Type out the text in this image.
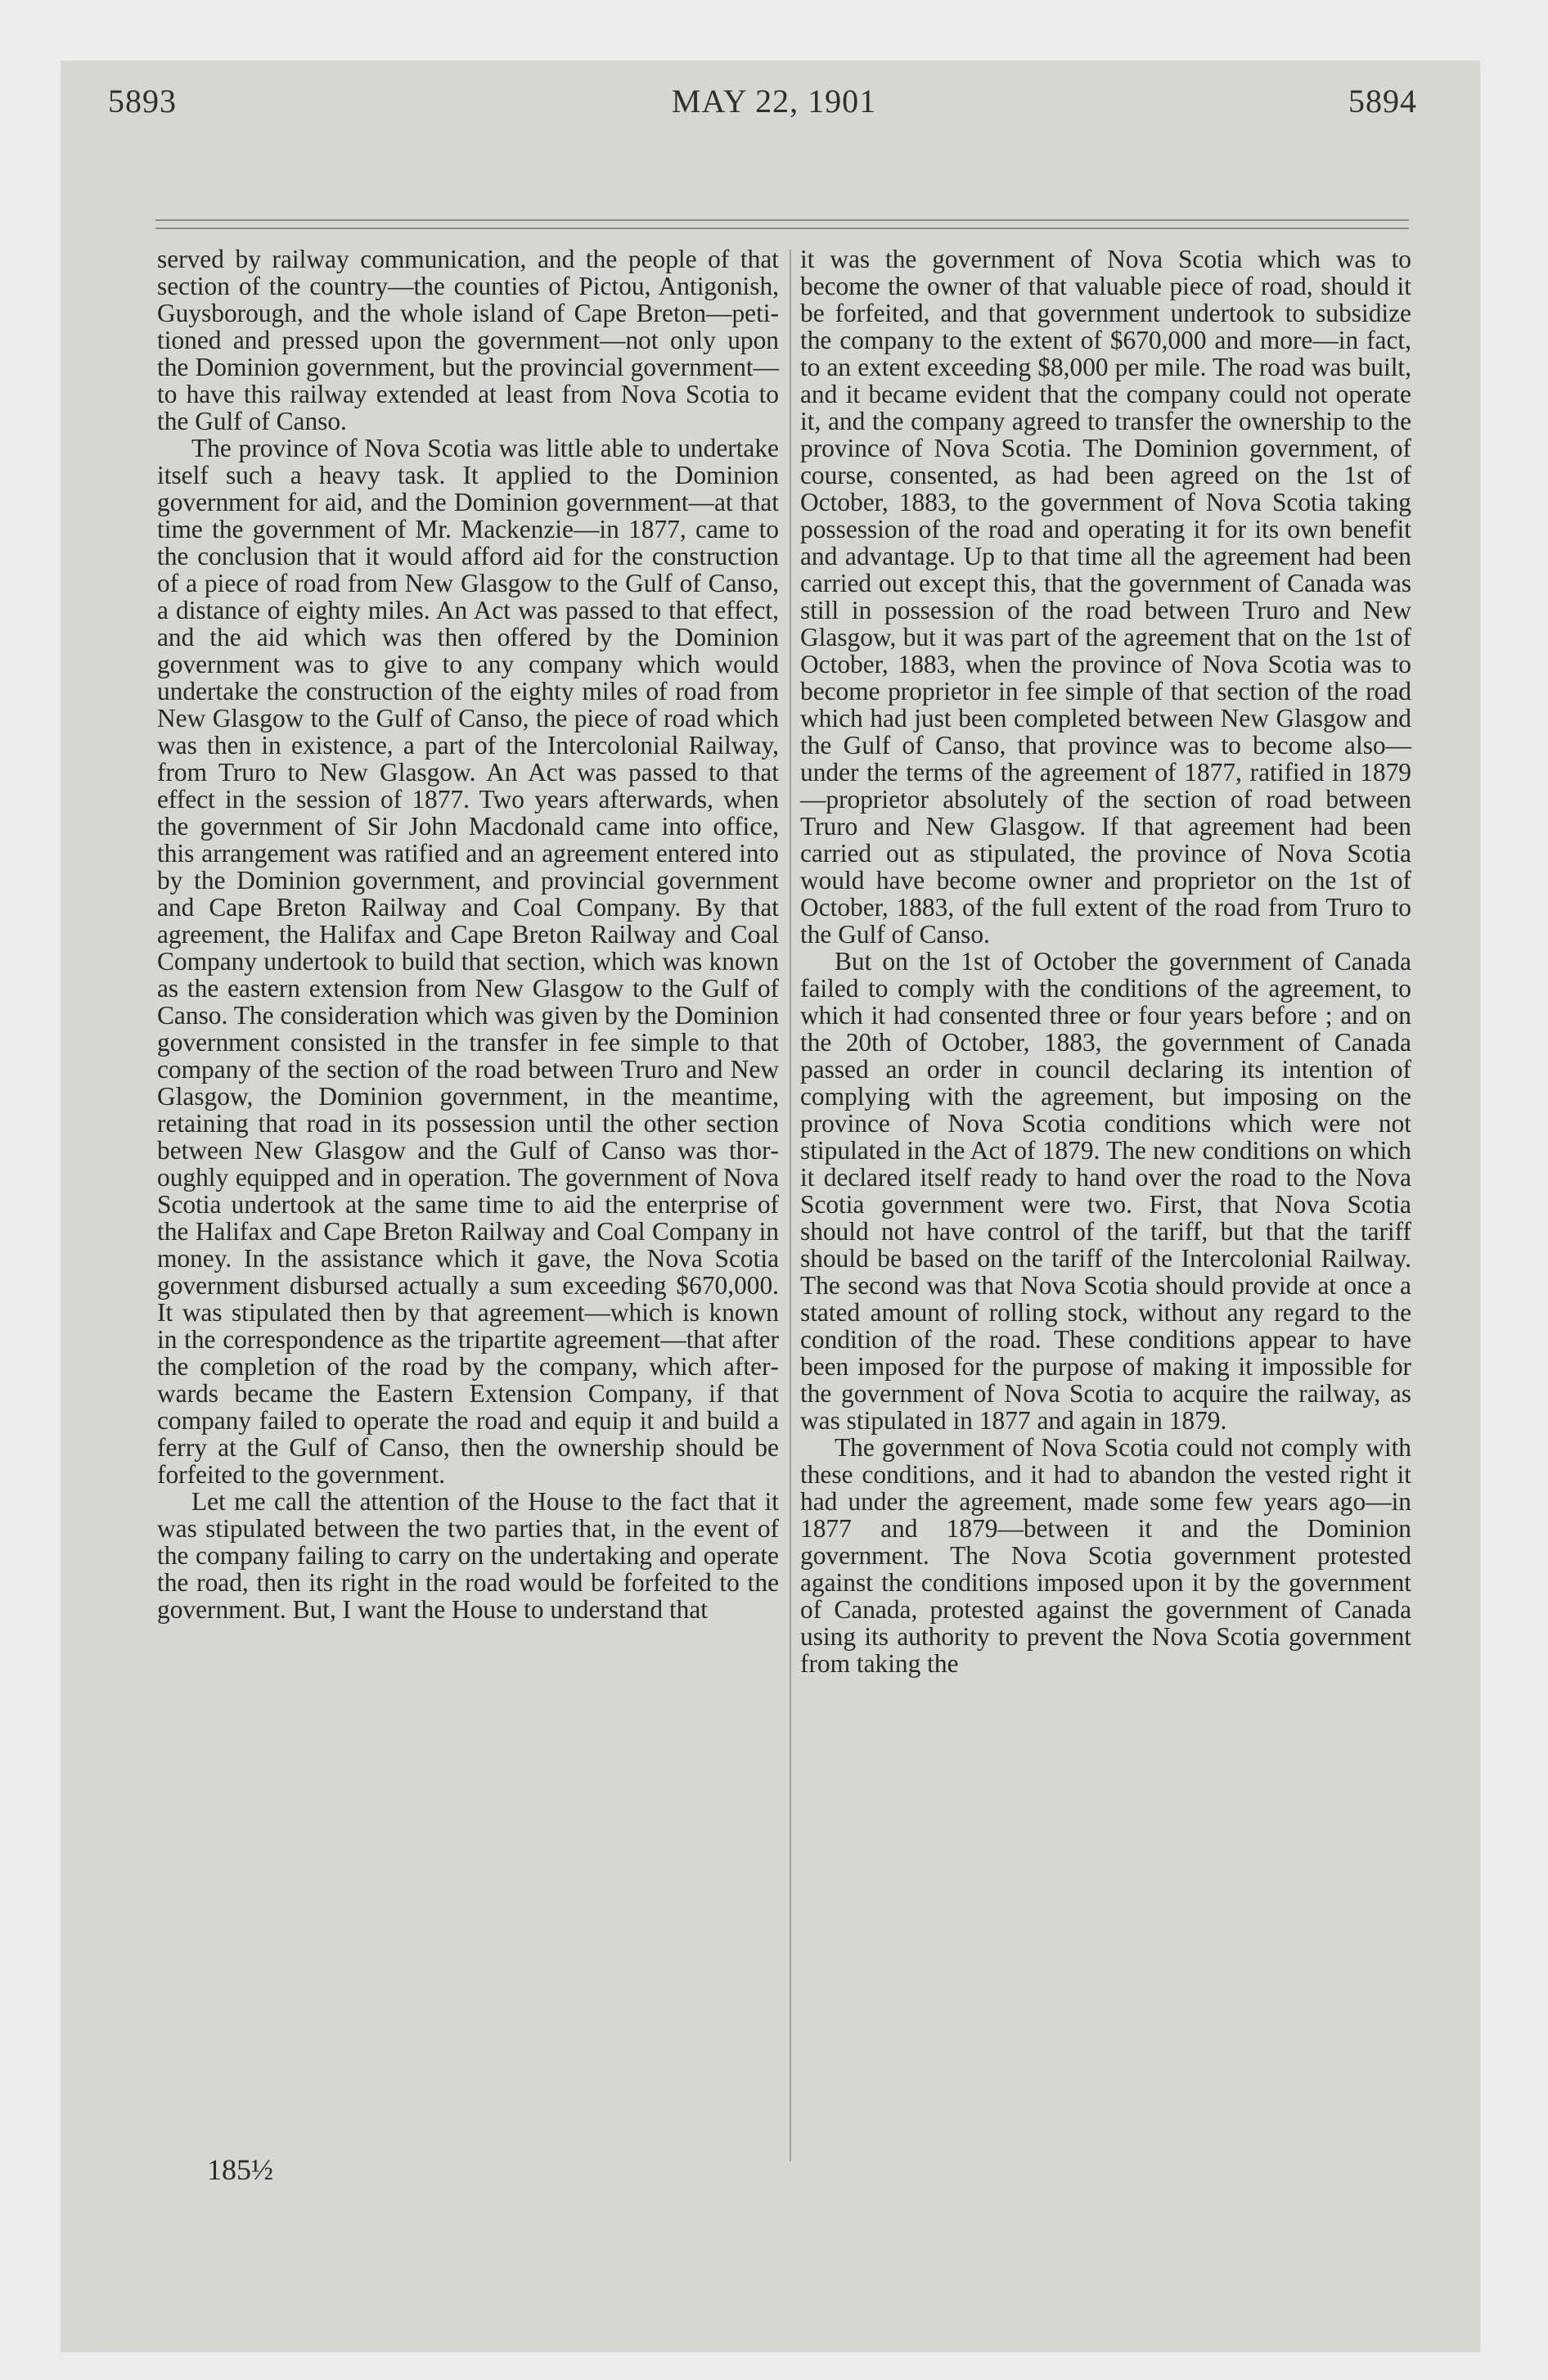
5893	MAY 22, 1901	5894

served by railway communication, and the people of that section of the country—the counties of Pictou, Antigonish, Guysborough, and the whole island of Cape Breton—petitioned and pressed upon the government—not only upon the Dominion government, but the provincial government—to have this railway extended at least from Nova Scotia to the Gulf of Canso.

The province of Nova Scotia was little able to undertake itself such a heavy task. It applied to the Dominion government for aid, and the Dominion government—at that time the government of Mr. Mackenzie—in 1877, came to the conclusion that it would afford aid for the construction of a piece of road from New Glasgow to the Gulf of Canso, a distance of eighty miles. An Act was passed to that effect, and the aid which was then offered by the Dominion government was to give to any company which would undertake the construction of the eighty miles of road from New Glasgow to the Gulf of Canso, the piece of road which was then in existence, a part of the Intercolonial Railway, from Truro to New Glasgow. An Act was passed to that effect in the session of 1877. Two years afterwards, when the government of Sir John Macdonald came into office, this arrangement was ratified and an agreement entered into by the Dominion government, and provincial government and Cape Breton Railway and Coal Company. By that agreement, the Halifax and Cape Breton Railway and Coal Company undertook to build that section, which was known as the eastern extension from New Glasgow to the Gulf of Canso. The consideration which was given by the Dominion government consisted in the transfer in fee simple to that company of the section of the road between Truro and New Glasgow, the Dominion government, in the meantime, retaining that road in its possession until the other section between New Glasgow and the Gulf of Canso was thoroughly equipped and in operation. The government of Nova Scotia undertook at the same time to aid the enterprise of the Halifax and Cape Breton Railway and Coal Company in money. In the assistance which it gave, the Nova Scotia government disbursed actually a sum exceeding $670,000. It was stipulated then by that agreement—which is known in the correspondence as the tripartite agreement—that after the completion of the road by the company, which afterwards became the Eastern Extension Company, if that company failed to operate the road and equip it and build a ferry at the Gulf of Canso, then the ownership should be forfeited to the government.

Let me call the attention of the House to the fact that it was stipulated between the two parties that, in the event of the company failing to carry on the undertaking and operate the road, then its right in the road would be forfeited to the government. But, I want the House to understand that

it was the government of Nova Scotia which was to become the owner of that valuable piece of road, should it be forfeited, and that government undertook to subsidize the company to the extent of $670,000 and more—in fact, to an extent exceeding $8,000 per mile. The road was built, and it became evident that the company could not operate it, and the company agreed to transfer the ownership to the province of Nova Scotia. The Dominion government, of course, consented, as had been agreed on the 1st of October, 1883, to the government of Nova Scotia taking possession of the road and operating it for its own benefit and advantage. Up to that time all the agreement had been carried out except this, that the government of Canada was still in possession of the road between Truro and New Glasgow, but it was part of the agreement that on the 1st of October, 1883, when the province of Nova Scotia was to become proprietor in fee simple of that section of the road which had just been completed between New Glasgow and the Gulf of Canso, that province was to become also—under the terms of the agreement of 1877, ratified in 1879—proprietor absolutely of the section of road between Truro and New Glasgow. If that agreement had been carried out as stipulated, the province of Nova Scotia would have become owner and proprietor on the 1st of October, 1883, of the full extent of the road from Truro to the Gulf of Canso.

But on the 1st of October the government of Canada failed to comply with the conditions of the agreement, to which it had consented three or four years before ; and on the 20th of October, 1883, the government of Canada passed an order in council declaring its intention of complying with the agreement, but imposing on the province of Nova Scotia conditions which were not stipulated in the Act of 1879. The new conditions on which it declared itself ready to hand over the road to the Nova Scotia government were two. First, that Nova Scotia should not have control of the tariff, but that the tariff should be based on the tariff of the Intercolonial Railway. The second was that Nova Scotia should provide at once a stated amount of rolling stock, without any regard to the condition of the road. These conditions appear to have been imposed for the purpose of making it impossible for the government of Nova Scotia to acquire the railway, as was stipulated in 1877 and again in 1879.

The government of Nova Scotia could not comply with these conditions, and it had to abandon the vested right it had under the agreement, made some few years ago—in 1877 and 1879—between it and the Dominion government. The Nova Scotia government protested against the conditions imposed upon it by the government of Canada, protested against the government of Canada using its authority to prevent the Nova Scotia government from taking the

185½
